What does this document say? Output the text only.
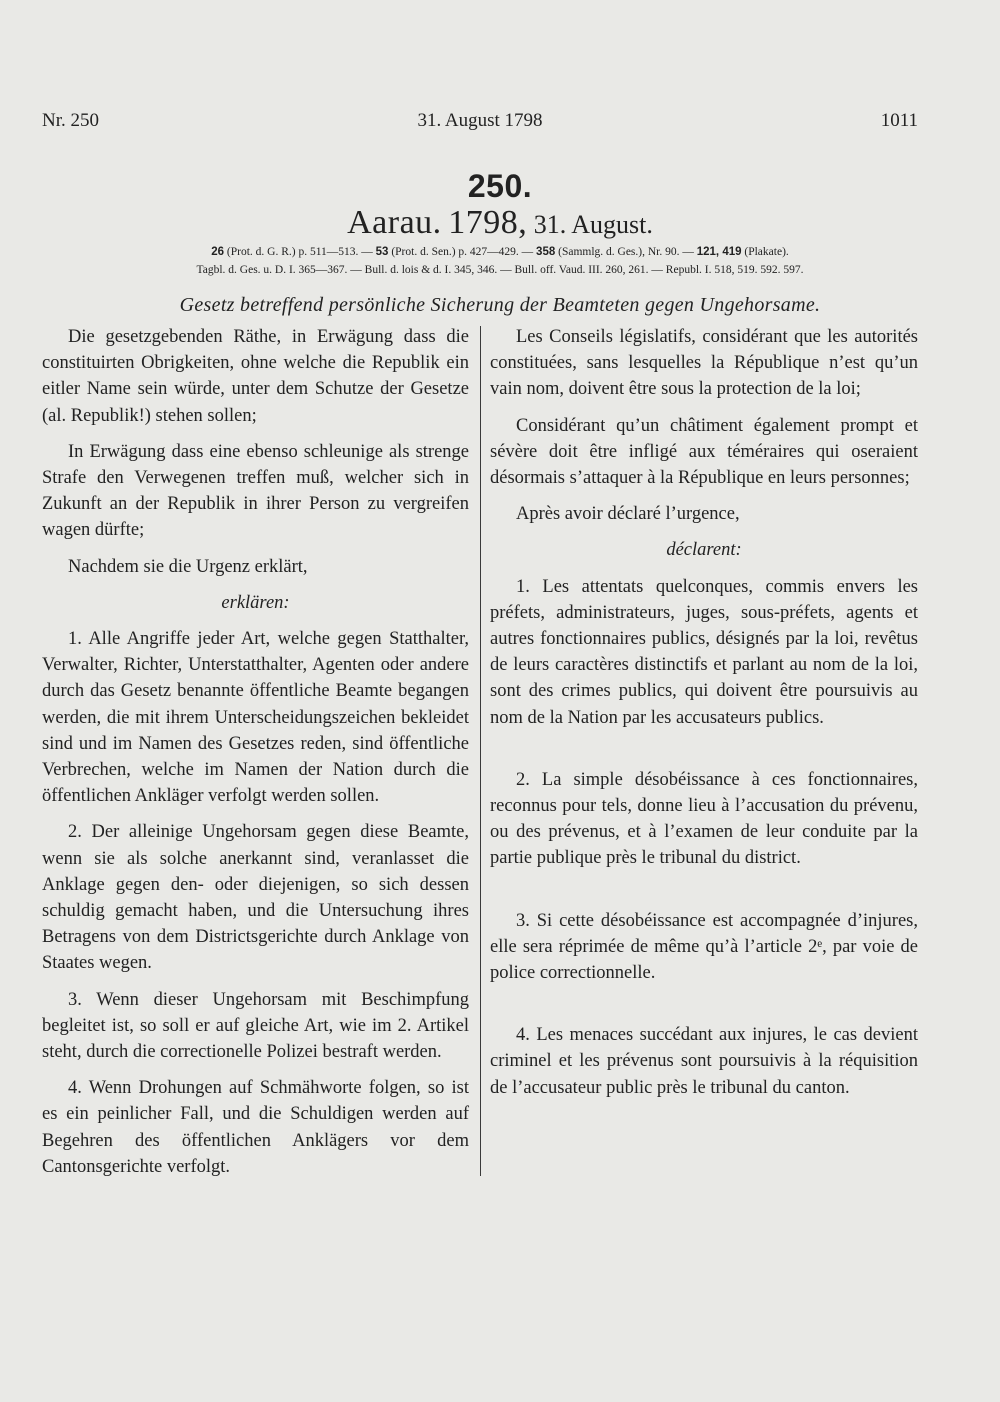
Nr. 250	31. August 1798	1011
250.
Aarau. 1798, 31. August.
26 (Prot. d. G. R.) p. 511—513. — 53 (Prot. d. Sen.) p. 427—429. — 358 (Sammlg. d. Ges.), Nr. 90. — 121, 419 (Plakate).
Tagbl. d. Ges. u. D. I. 365—367. — Bull. d. lois & d. I. 345, 346. — Bull. off. Vaud. III. 260, 261. — Republ. I. 518, 519. 592. 597.
Gesetz betreffend persönliche Sicherung der Beamteten gegen Ungehorsame.

Die gesetzgebenden Räthe, in Erwägung dass die constituirten Obrigkeiten, ohne welche die Republik ein eitler Name sein würde, unter dem Schutze der Gesetze (al. Republik!) stehen sollen;

In Erwägung dass eine ebenso schleunige als strenge Strafe den Verwegenen treffen muß, welcher sich in Zukunft an der Republik in ihrer Person zu vergreifen wagen dürfte;

Nachdem sie die Urgenz erklärt,

erklären:

1. Alle Angriffe jeder Art, welche gegen Statthalter, Verwalter, Richter, Unterstatthalter, Agenten oder andere durch das Gesetz benannte öffentliche Beamte begangen werden, die mit ihrem Unterscheidungszeichen bekleidet sind und im Namen des Gesetzes reden, sind öffentliche Verbrechen, welche im Namen der Nation durch die öffentlichen Ankläger verfolgt werden sollen.

2. Der alleinige Ungehorsam gegen diese Beamte, wenn sie als solche anerkannt sind, veranlasset die Anklage gegen den- oder diejenigen, so sich dessen schuldig gemacht haben, und die Untersuchung ihres Betragens von dem Districtsgerichte durch Anklage von Staates wegen.

3. Wenn dieser Ungehorsam mit Beschimpfung begleitet ist, so soll er auf gleiche Art, wie im 2. Artikel steht, durch die correctionelle Polizei bestraft werden.

4. Wenn Drohungen auf Schmähworte folgen, so ist es ein peinlicher Fall, und die Schuldigen werden auf Begehren des öffentlichen Anklägers vor dem Cantonsgerichte verfolgt.

Les Conseils législatifs, considérant que les autorités constituées, sans lesquelles la République n’est qu’un vain nom, doivent être sous la protection de la loi;

Considérant qu’un châtiment également prompt et sévère doit être infligé aux téméraires qui oseraient désormais s’attaquer à la République en leurs personnes;

Après avoir déclaré l’urgence,

déclarent:

1. Les attentats quelconques, commis envers les préfets, administrateurs, juges, sous-préfets, agents et autres fonctionnaires publics, désignés par la loi, revêtus de leurs caractères distinctifs et parlant au nom de la loi, sont des crimes publics, qui doivent être poursuivis au nom de la Nation par les accusateurs publics.

2. La simple désobéissance à ces fonctionnaires, reconnus pour tels, donne lieu à l’accusation du prévenu, ou des prévenus, et à l’examen de leur conduite par la partie publique près le tribunal du district.

3. Si cette désobéissance est accompagnée d’injures, elle sera réprimée de même qu’à l’article 2ᵉ, par voie de police correctionnelle.

4. Les menaces succédant aux injures, le cas devient criminel et les prévenus sont poursuivis à la réquisition de l’accusateur public près le tribunal du canton.
